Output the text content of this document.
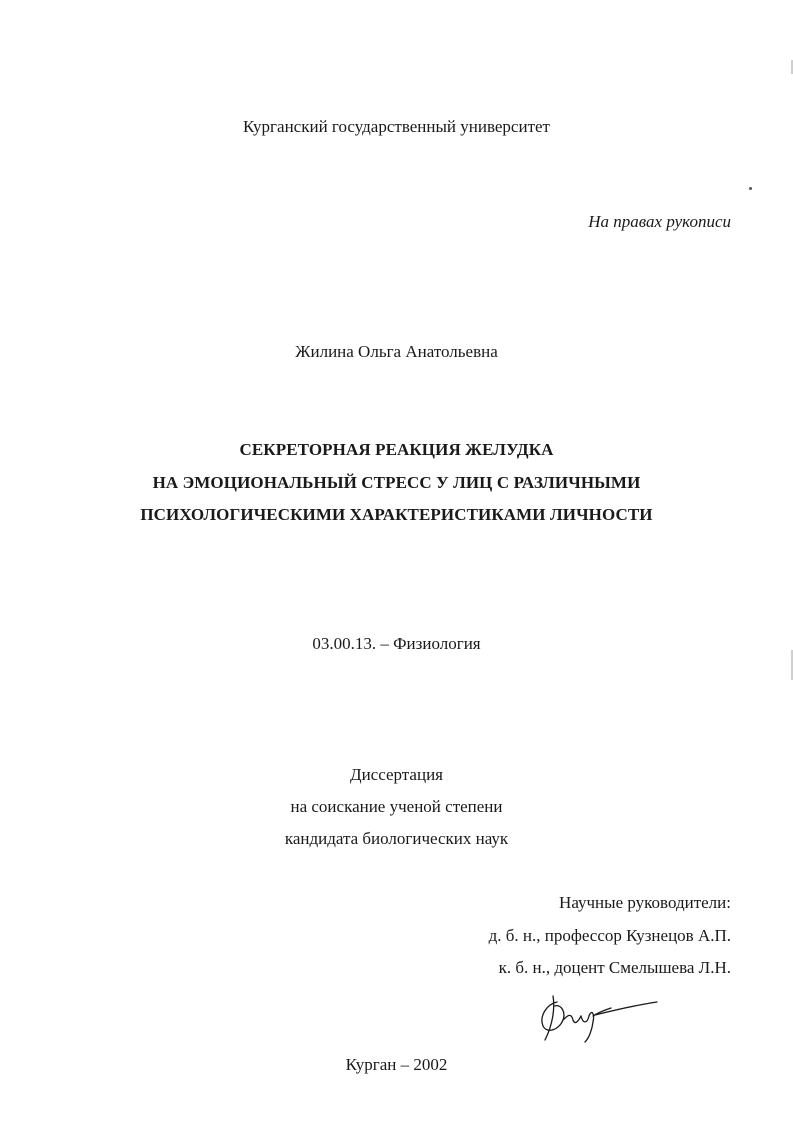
Курганский государственный университет
На правах рукописи
Жилина Ольга Анатольевна
СЕКРЕТОРНАЯ РЕАКЦИЯ ЖЕЛУДКА
НА ЭМОЦИОНАЛЬНЫЙ СТРЕСС У ЛИЦ С РАЗЛИЧНЫМИ
ПСИХОЛОГИЧЕСКИМИ ХАРАКТЕРИСТИКАМИ ЛИЧНОСТИ
03.00.13. – Физиология
Диссертация
на соискание ученой степени
кандидата биологических наук
Научные руководители:
д. б. н., профессор Кузнецов А.П.
к. б. н., доцент Смелышева Л.Н.
Курган – 2002
